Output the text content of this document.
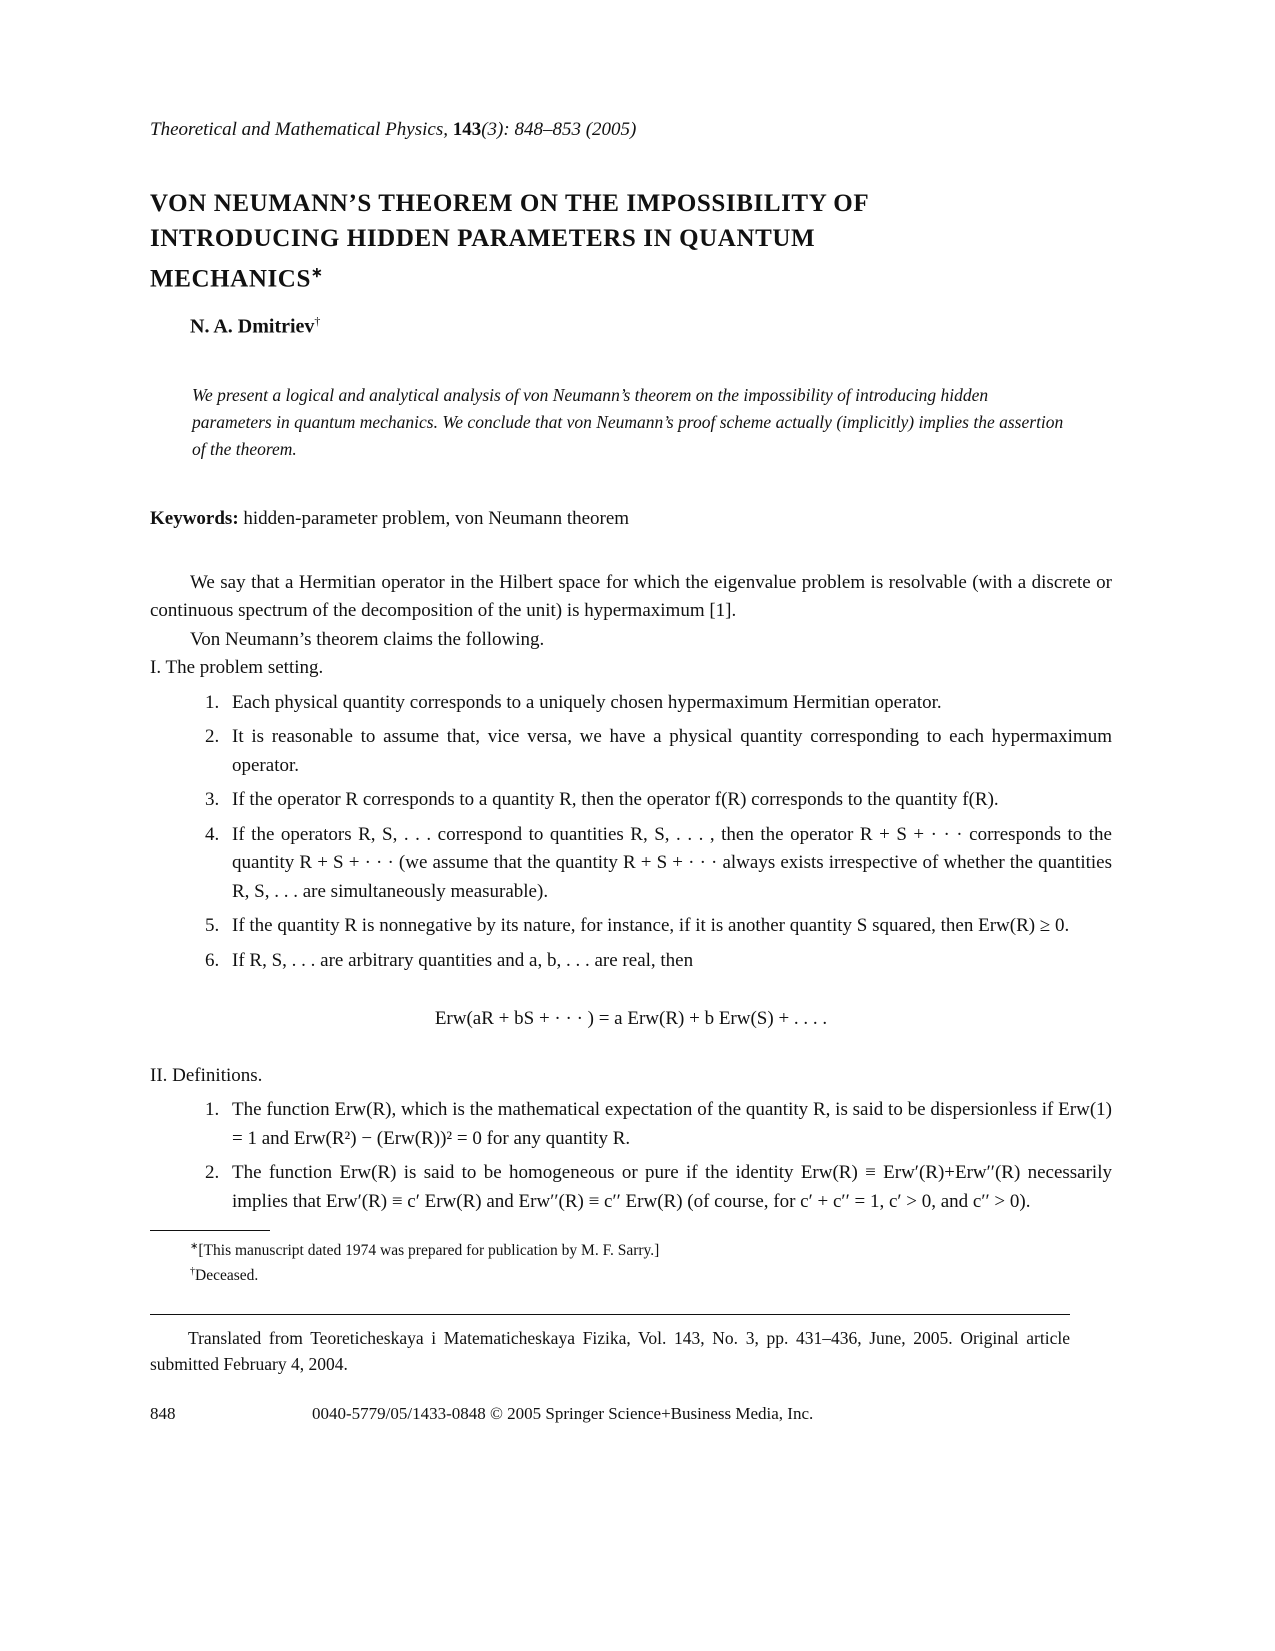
Theoretical and Mathematical Physics, 143(3): 848–853 (2005)
VON NEUMANN’S THEOREM ON THE IMPOSSIBILITY OF INTRODUCING HIDDEN PARAMETERS IN QUANTUM MECHANICS∗
N. A. Dmitriev†
We present a logical and analytical analysis of von Neumann’s theorem on the impossibility of introducing hidden parameters in quantum mechanics. We conclude that von Neumann’s proof scheme actually (implicitly) implies the assertion of the theorem.
Keywords: hidden-parameter problem, von Neumann theorem

We say that a Hermitian operator in the Hilbert space for which the eigenvalue problem is resolvable (with a discrete or continuous spectrum of the decomposition of the unit) is hypermaximum [1].

Von Neumann’s theorem claims the following.

I. The problem setting.

1. Each physical quantity corresponds to a uniquely chosen hypermaximum Hermitian operator.
2. It is reasonable to assume that, vice versa, we have a physical quantity corresponding to each hypermaximum operator.
3. If the operator R corresponds to a quantity R, then the operator f(R) corresponds to the quantity f(R).
4. If the operators R, S, . . . correspond to quantities R, S, . . . , then the operator R + S + · · · corresponds to the quantity R + S + · · · (we assume that the quantity R + S + · · · always exists irrespective of whether the quantities R, S, . . . are simultaneously measurable).
5. If the quantity R is nonnegative by its nature, for instance, if it is another quantity S squared, then Erw(R) ≥ 0.
6. If R, S, . . . are arbitrary quantities and a, b, . . . are real, then
Erw(aR + bS + · · · ) = a Erw(R) + b Erw(S) + . . . .

II. Definitions.

1. The function Erw(R), which is the mathematical expectation of the quantity R, is said to be dispersionless if Erw(1) = 1 and Erw(R²) − (Erw(R))² = 0 for any quantity R.
2. The function Erw(R) is said to be homogeneous or pure if the identity Erw(R) ≡ Erw′(R)+Erw′′(R) necessarily implies that Erw′(R) ≡ c′ Erw(R) and Erw′′(R) ≡ c′′ Erw(R) (of course, for c′ + c′′ = 1, c′ > 0, and c′′ > 0).
∗[This manuscript dated 1974 was prepared for publication by M. F. Sarry.]
†Deceased.
Translated from Teoreticheskaya i Matematicheskaya Fizika, Vol. 143, No. 3, pp. 431–436, June, 2005. Original article submitted February 4, 2004.
848	0040-5779/05/1433-0848 © 2005 Springer Science+Business Media, Inc.
